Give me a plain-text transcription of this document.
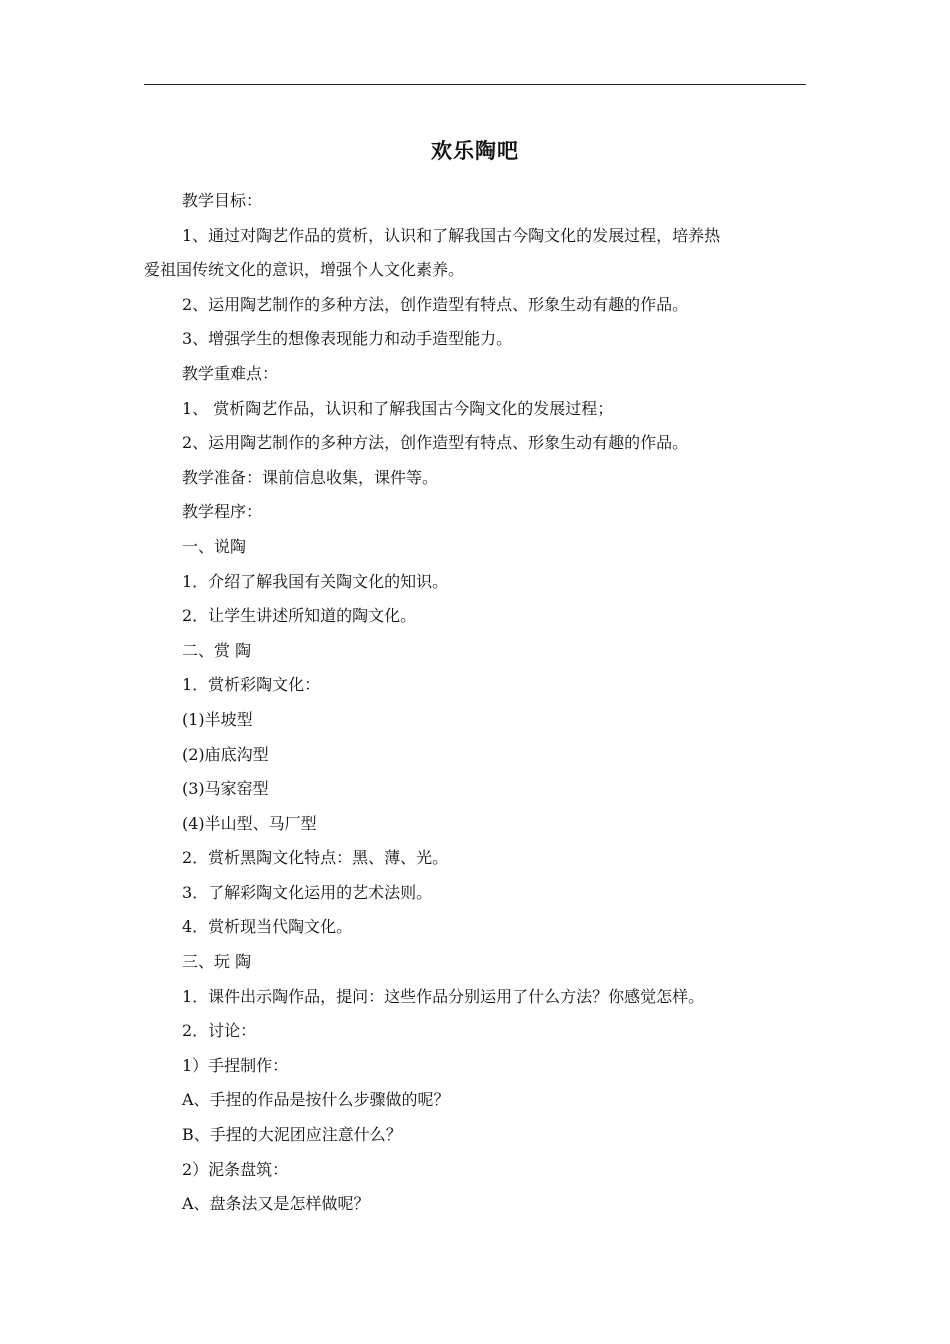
欢乐陶吧
教学目标：
1、通过对陶艺作品的赏析，认识和了解我国古今陶文化的发展过程，培养热
爱祖国传统文化的意识，增强个人文化素养。
2、运用陶艺制作的多种方法，创作造型有特点、形象生动有趣的作品。
3、增强学生的想像表现能力和动手造型能力。
教学重难点：
1、 赏析陶艺作品，认识和了解我国古今陶文化的发展过程；
2、运用陶艺制作的多种方法，创作造型有特点、形象生动有趣的作品。
教学准备：课前信息收集，课件等。
教学程序：
一、说陶
1．介绍了解我国有关陶文化的知识。
2．让学生讲述所知道的陶文化。
二、赏 陶
1．赏析彩陶文化：
(1)半坡型
(2)庙底沟型
(3)马家窑型
(4)半山型、马厂型
2．赏析黑陶文化特点：黑、薄、光。
3．了解彩陶文化运用的艺术法则。
4．赏析现当代陶文化。
三、玩 陶
1．课件出示陶作品，提问：这些作品分别运用了什么方法？你感觉怎样。
2．讨论：
1）手捏制作：
A、手捏的作品是按什么步骤做的呢？
B、手捏的大泥团应注意什么？
2）泥条盘筑：
A、盘条法又是怎样做呢？
